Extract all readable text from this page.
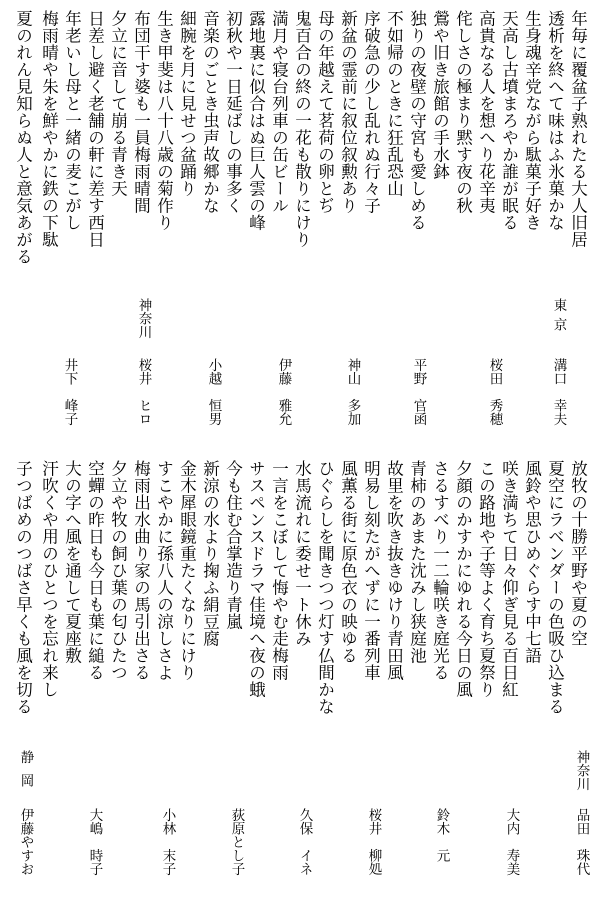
年毎に覆盆子熟れたる大人旧居
透析を終へて味はふ氷菓かな
生身魂辛党ながら駄菓子好き
天高し古墳まろやか誰が眠る
高貴なる人を想へり花辛夷
侘しさの極まり黙す夜の秋
鶯や旧き旅館の手水鉢
独りの夜壁の守宮も愛しめる
不如帰のときに狂乱恐山
序破急の少し乱れぬ行々子
新盆の霊前に叙位叙勲あり
母の年越えて茗荷の卵とぢ
鬼百合の終の一花も散りにけり
満月や寝台列車の缶ビール
露地裏に似合はぬ巨人雲の峰
初秋や一日延ばしの事多く
音楽のごとき虫声故郷かな
細腕を月に見せつ盆踊り
生き甲斐は八十八歳の菊作り
布団干す婆も一員梅雨晴間
夕立に音して崩る青き天
日差し避く老舗の軒に差す西日
年老いし母と一緒の麦こがし
梅雨晴や朱を鮮やかに鉄の下駄
夏のれん見知らぬ人と意気あがる
東京
溝口　幸夫
桜田　秀穂
平野　官函
神山　多加
伊藤　雅允
小越　恒男
神奈川
桜井　ヒロ
井下　峰子
放牧の十勝平野や夏の空
夏空にラベンダーの色吸ひ込まる
風鈴や思ひめぐらす中七語
咲き満ちて日々仰ぎ見る百日紅
この路地や子等よく育ち夏祭り
夕顔のかすかにゆれる今日の風
さるすべり一二輪咲き庭光る
青柿のあまた沈みし狭庭池
故里を吹き抜きゆけり青田風
明易し刻たがへずに一番列車
風薫る街に原色衣の映ゆる
ひぐらしを聞きつつ灯す仏間かな
水馬流れに委せ一ト休み
一言をこぼして悔やむ走梅雨
サスペンスドラマ佳境へ夜の蛾
今も住む合掌造り青嵐
新涼の水より掬ふ絹豆腐
金木犀眼鏡重たくなりにけり
すこやかに孫八人の涼しさよ
梅雨出水曲り家の馬引出さる
夕立や牧の飼ひ葉の匂ひたつ
空蟬の昨日も今日も葉に縋る
大の字へ風を通して夏座敷
汗吹くや用のひとつを忘れ来し
子つばめのつばさ早くも風を切る
神奈川
品田　珠代
大内　寿美
鈴木　元
桜井　柳処
久保　イネ
荻原とし子
小林　末子
大嶋　時子
静岡
伊藤やすお
